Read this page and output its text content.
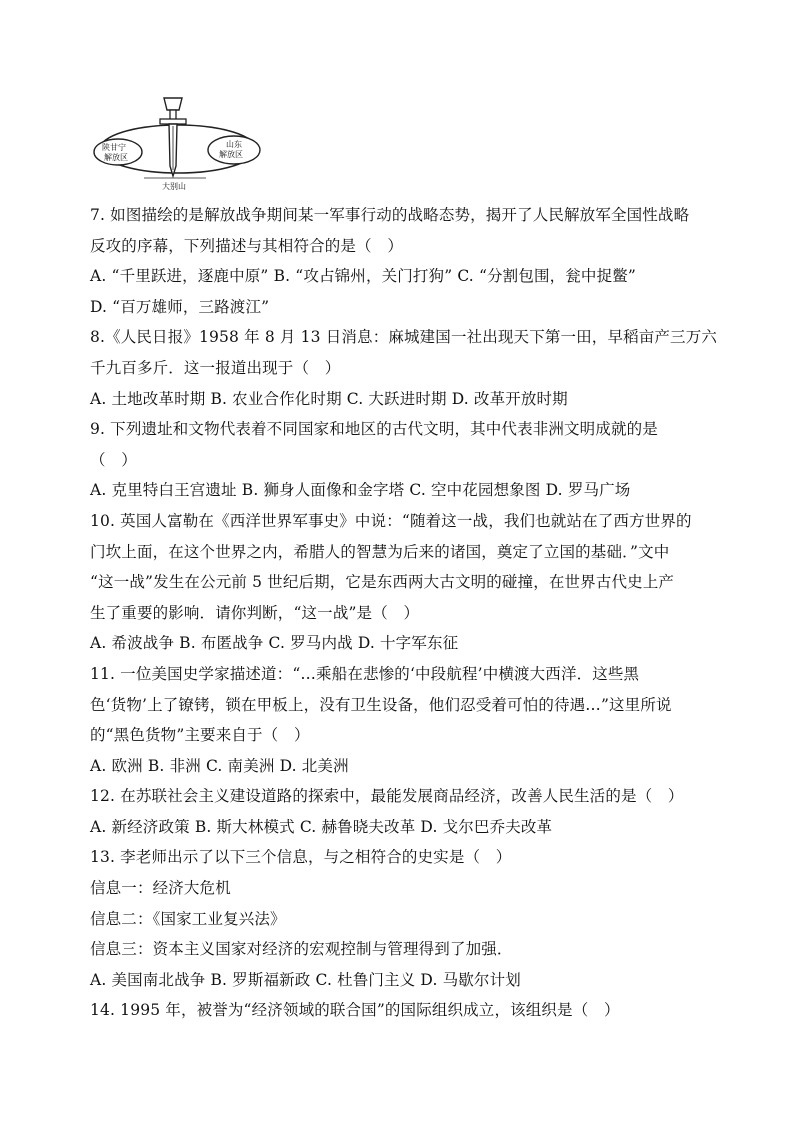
陕甘宁
解放区
山东
解放区
大别山
7. 如图描绘的是解放战争期间某一军事行动的战略态势，揭开了人民解放军全国性战略
反攻的序幕，下列描述与其相符合的是（　）
A. “千里跃进，逐鹿中原” B. “攻占锦州，关门打狗” C. “分割包围，瓮中捉鳖”
D. “百万雄师，三路渡江”
8.《人民日报》1958 年 8 月 13 日消息：麻城建国一社出现天下第一田，早稻亩产三万六
千九百多斤．这一报道出现于（　）
A. 土地改革时期 B. 农业合作化时期 C. 大跃进时期 D. 改革开放时期
9. 下列遗址和文物代表着不同国家和地区的古代文明，其中代表非洲文明成就的是
（　）
A. 克里特白王宫遗址 B. 狮身人面像和金字塔 C. 空中花园想象图 D. 罗马广场
10. 英国人富勒在《西洋世界军事史》中说：“随着这一战，我们也就站在了西方世界的
门坎上面，在这个世界之内，希腊人的智慧为后来的诸国，奠定了立国的基础．”文中
“这一战”发生在公元前 5 世纪后期，它是东西两大古文明的碰撞，在世界古代史上产
生了重要的影响．请你判断，“这一战”是（　）
A. 希波战争 B. 布匿战争 C. 罗马内战 D. 十字军东征
11. 一位美国史学家描述道：“…乘船在悲惨的‘中段航程’中横渡大西洋．这些黑
色‘货物’上了镣铐，锁在甲板上，没有卫生设备，他们忍受着可怕的待遇…”这里所说
的“黑色货物”主要来自于（　）
A. 欧洲 B. 非洲 C. 南美洲 D. 北美洲
12. 在苏联社会主义建设道路的探索中，最能发展商品经济，改善人民生活的是（　）
A. 新经济政策 B. 斯大林模式 C. 赫鲁晓夫改革 D. 戈尔巴乔夫改革
13. 李老师出示了以下三个信息，与之相符合的史实是（　）
信息一：经济大危机
信息二：《国家工业复兴法》
信息三：资本主义国家对经济的宏观控制与管理得到了加强．
A. 美国南北战争 B. 罗斯福新政 C. 杜鲁门主义 D. 马歇尔计划
14. 1995 年，被誉为“经济领域的联合国”的国际组织成立，该组织是（　）
